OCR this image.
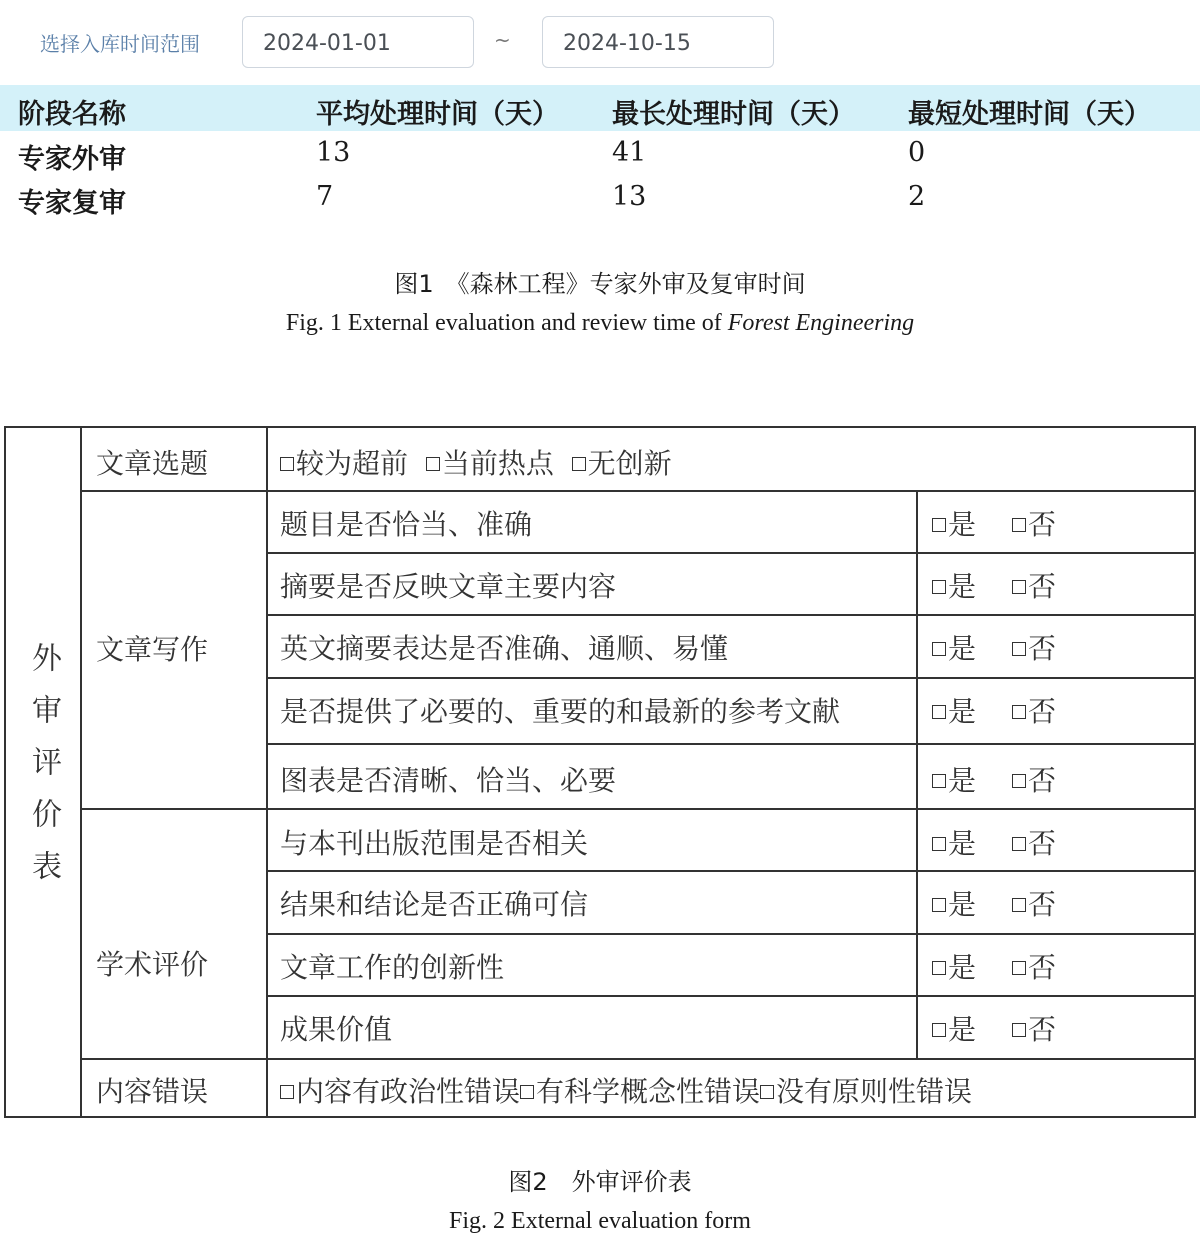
选择入库时间范围	2024-01-01	~	2024-10-15
阶段名称	平均处理时间（天） 最长处理时间（天） 最短处理时间（天）
专家外审	13	41	0
专家复审	7	13	2
图1　《森林工程》专家外审及复审时间
Fig. 1 External evaluation and review time of Forest Engineering
外审评价表
文章选题	较为超前 当前热点 无创新
文章写作
题目是否恰当、准确	是 否
摘要是否反映文章主要内容	是 否
英文摘要表达是否准确、通顺、易懂	是 否
是否提供了必要的、重要的和最新的参考文献	是 否
图表是否清晰、恰当、必要	是 否
学术评价
与本刊出版范围是否相关	是 否
结果和结论是否正确可信	是 否
文章工作的创新性	是 否
成果价值	是 否
内容错误	内容有政治性错误 有科学概念性错误 没有原则性错误
图2　外审评价表
Fig. 2 External evaluation form
